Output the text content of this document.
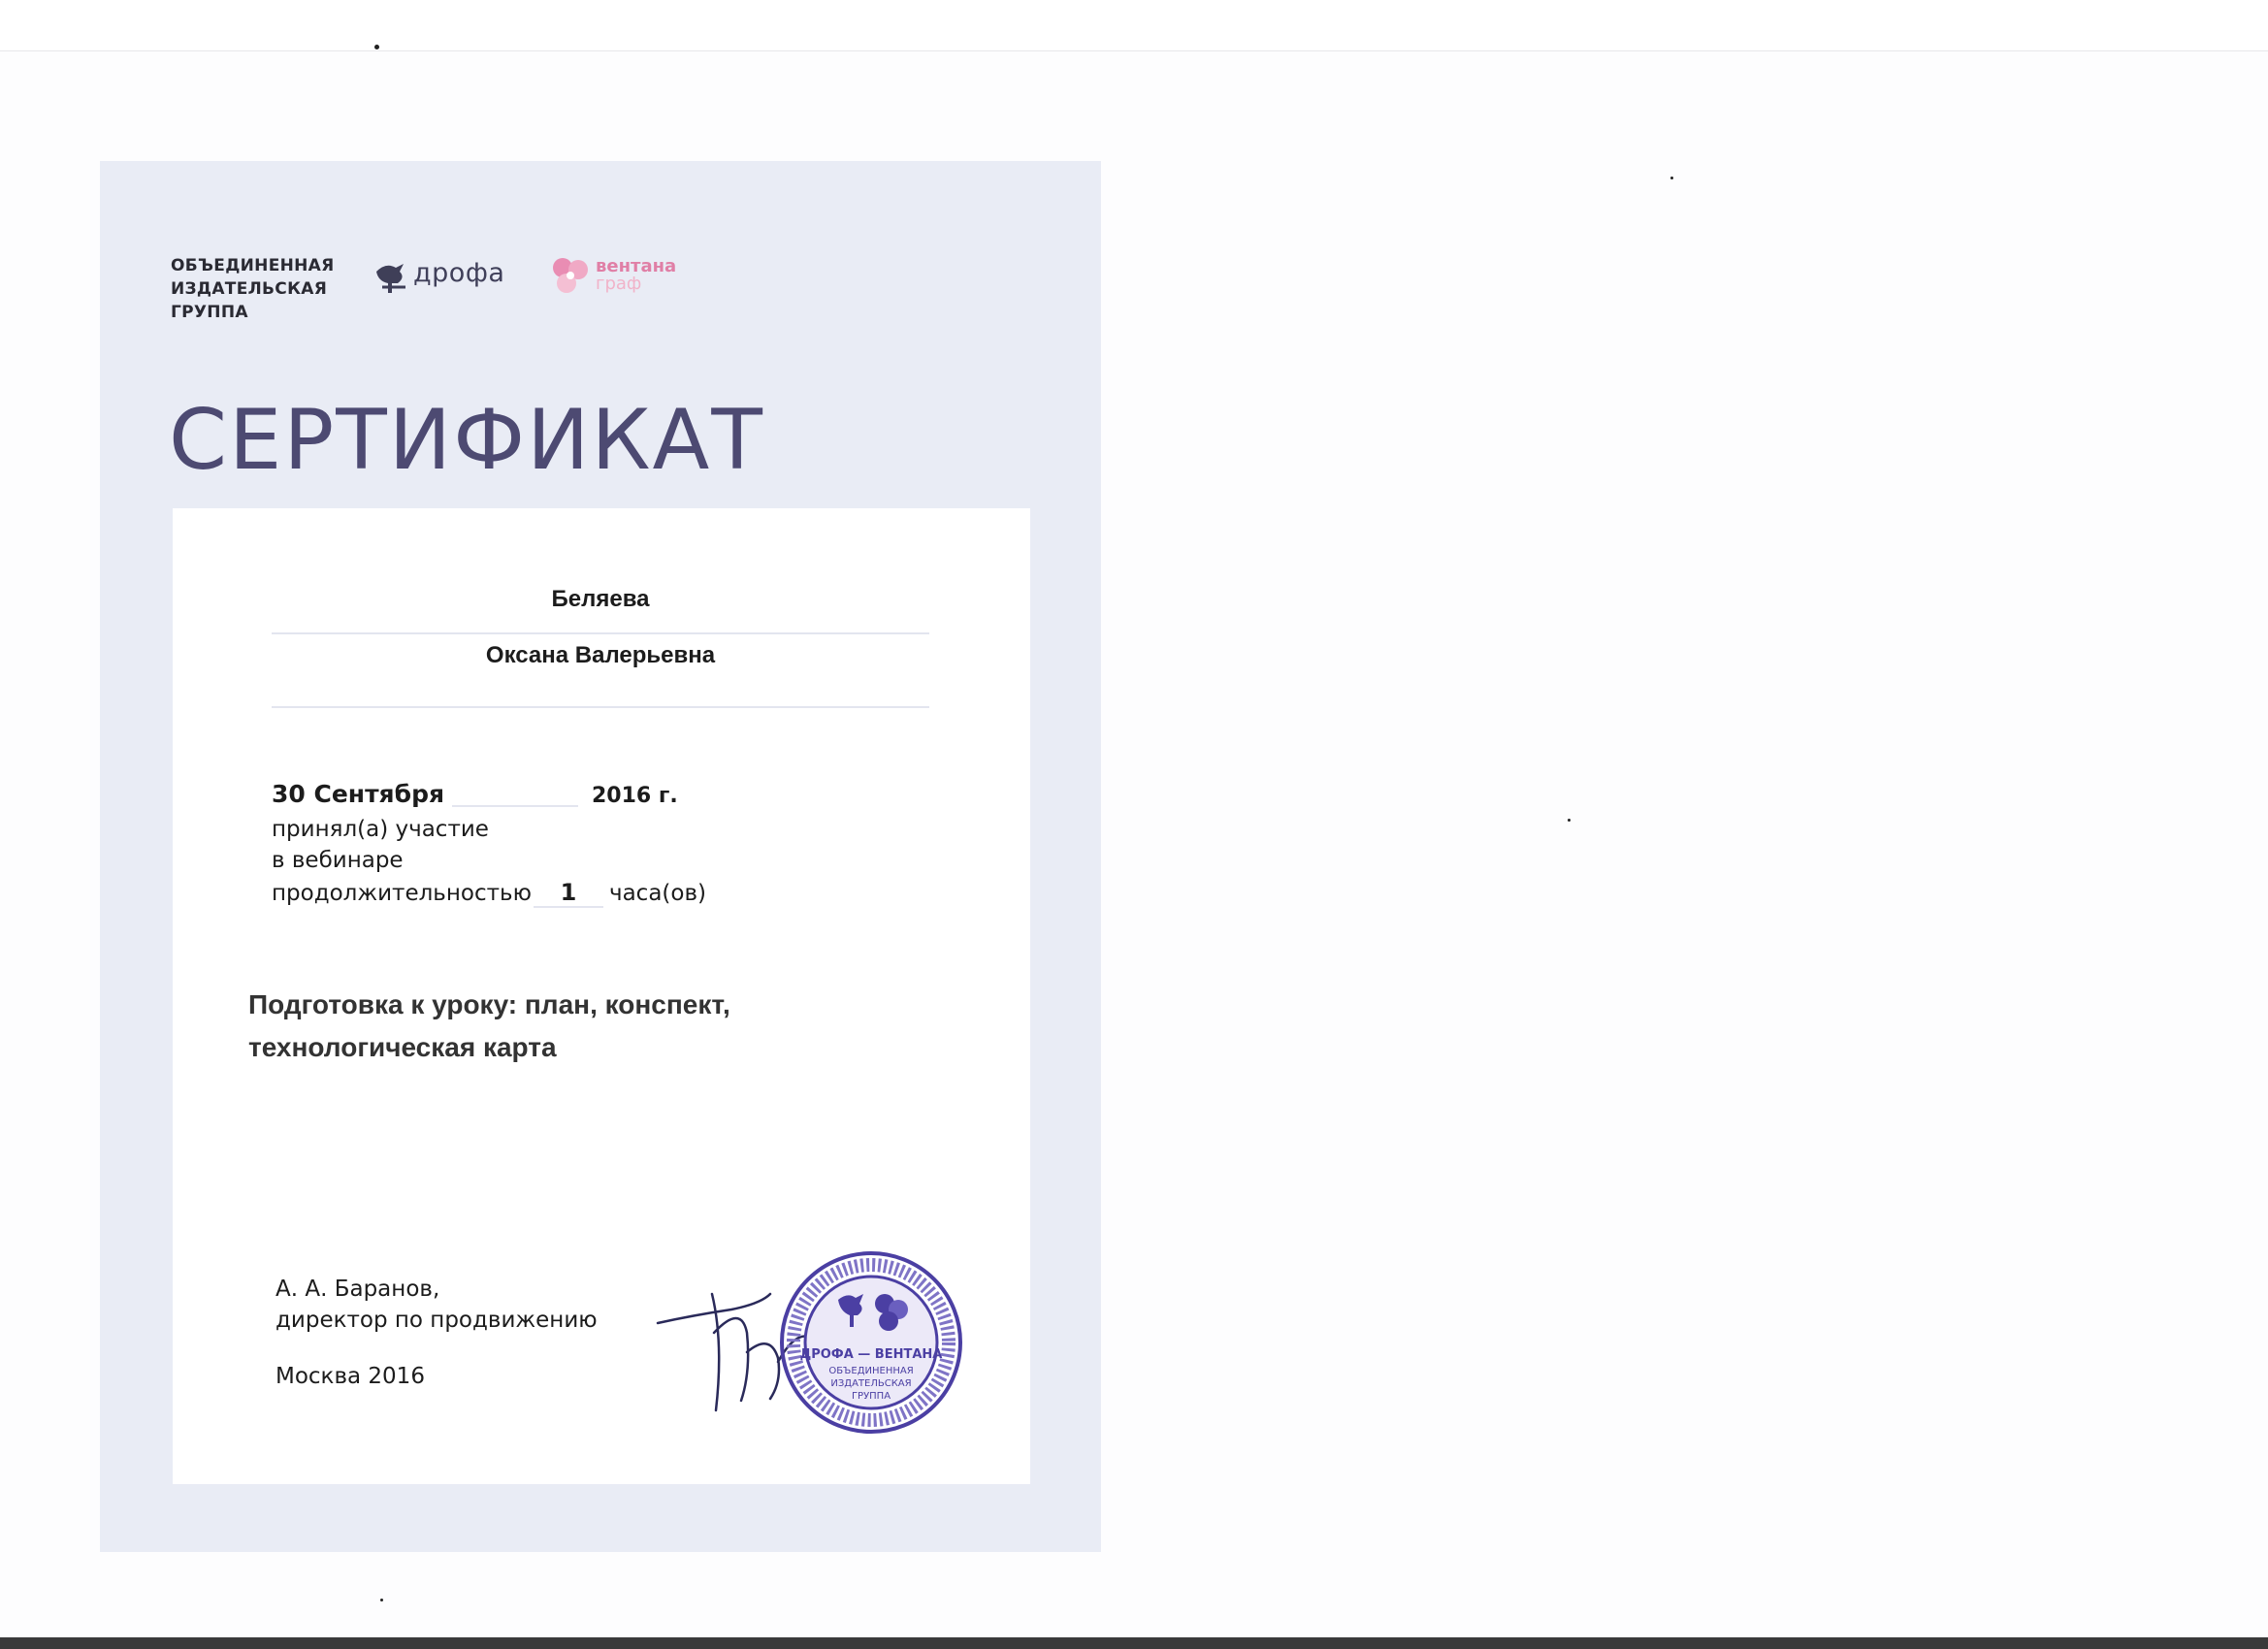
ОБЪЕДИНЕННАЯ
ИЗДАТЕЛЬСКАЯ
ГРУППА
дрофа	вентана
граф
СЕРТИФИКАТ
Беляева
Оксана Валерьевна
30 Сентября	2016 г.
принял(а) участие
в вебинаре
продолжительностью	1	часа(ов)
Подготовка к уроку: план, конспект,
технологическая карта
А. А. Баранов,
директор по продвижению
Москва 2016
ДРОФА — ВЕНТАНА
ОБЪЕДИНЕННАЯ
ИЗДАТЕЛЬСКАЯ
ГРУППА
